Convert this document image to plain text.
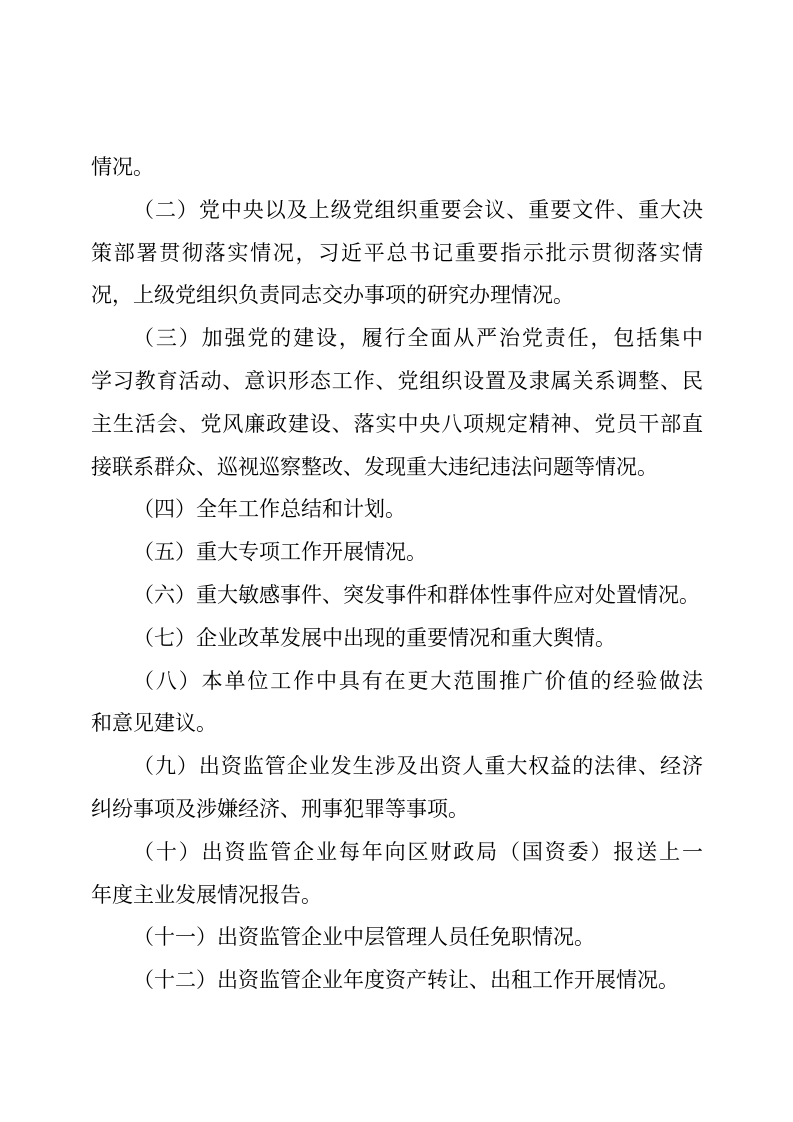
情况。
（二）党中央以及上级党组织重要会议、重要文件、重大决
策部署贯彻落实情况，习近平总书记重要指示批示贯彻落实情
况，上级党组织负责同志交办事项的研究办理情况。
（三）加强党的建设，履行全面从严治党责任，包括集中
学习教育活动、意识形态工作、党组织设置及隶属关系调整、民
主生活会、党风廉政建设、落实中央八项规定精神、党员干部直
接联系群众、巡视巡察整改、发现重大违纪违法问题等情况。
（四）全年工作总结和计划。
（五）重大专项工作开展情况。
（六）重大敏感事件、突发事件和群体性事件应对处置情况。
（七）企业改革发展中出现的重要情况和重大舆情。
（八）本单位工作中具有在更大范围推广价值的经验做法
和意见建议。
（九）出资监管企业发生涉及出资人重大权益的法律、经济
纠纷事项及涉嫌经济、刑事犯罪等事项。
（十）出资监管企业每年向区财政局（国资委）报送上一
年度主业发展情况报告。
（十一）出资监管企业中层管理人员任免职情况。
（十二）出资监管企业年度资产转让、出租工作开展情况。
